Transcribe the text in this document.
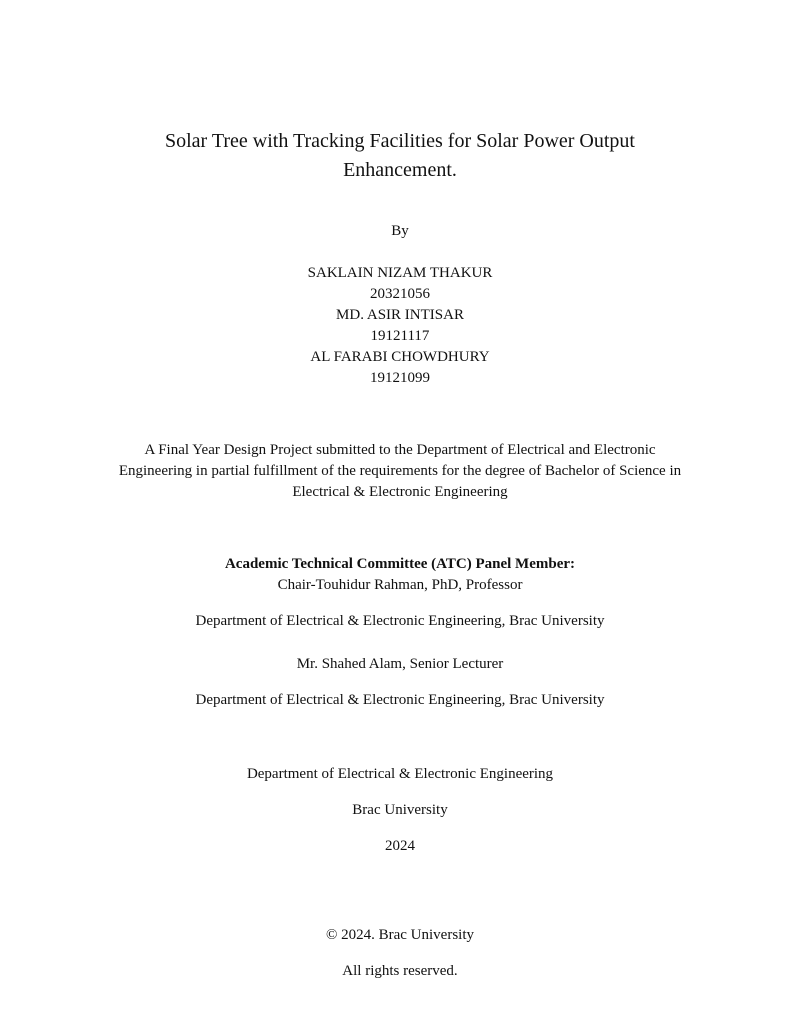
Solar Tree with Tracking Facilities for Solar Power Output
Enhancement.
By
SAKLAIN NIZAM THAKUR
20321056
MD. ASIR INTISAR
19121117
AL FARABI CHOWDHURY
19121099
A Final Year Design Project submitted to the Department of Electrical and Electronic
Engineering in partial fulfillment of the requirements for the degree of Bachelor of Science in
Electrical & Electronic Engineering
Academic Technical Committee (ATC) Panel Member:
Chair-Touhidur Rahman, PhD, Professor
Department of Electrical & Electronic Engineering, Brac University
Mr. Shahed Alam, Senior Lecturer
Department of Electrical & Electronic Engineering, Brac University
Department of Electrical & Electronic Engineering
Brac University
2024
© 2024. Brac University
All rights reserved.
